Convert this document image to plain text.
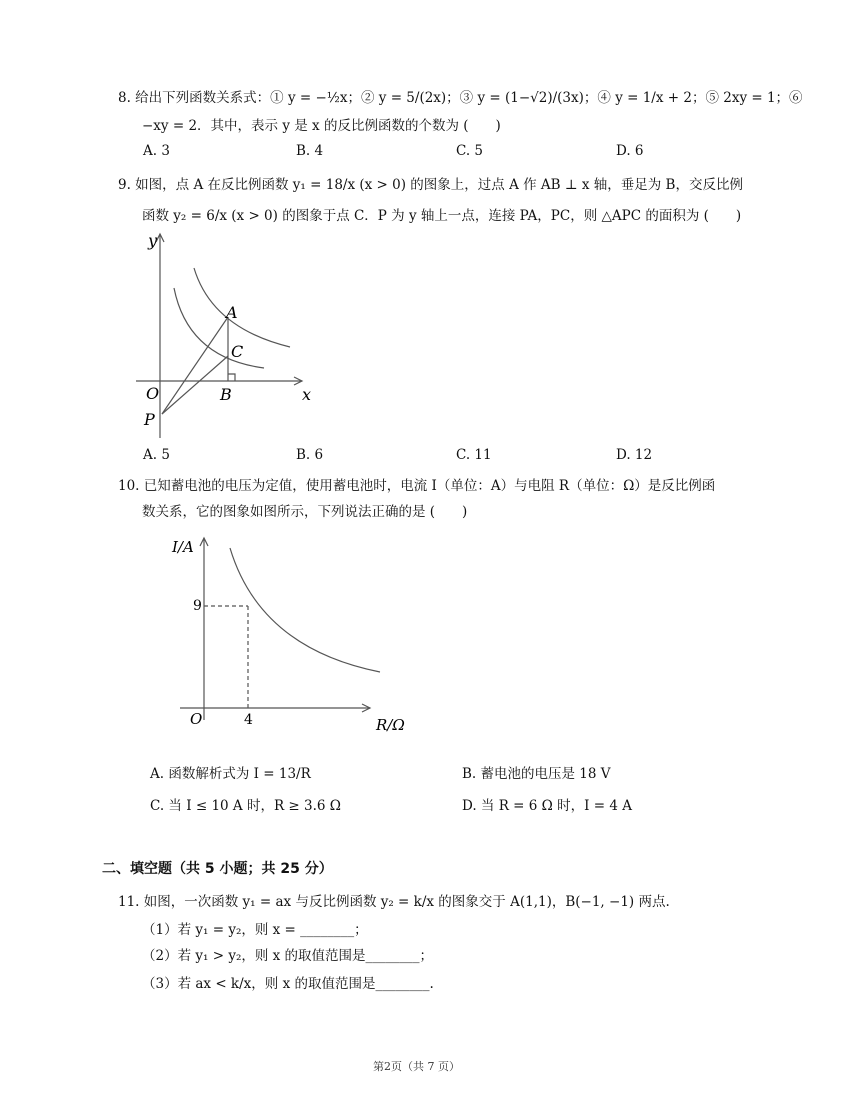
8. 给出下列函数关系式：① y = −½x；② y = 5/(2x)；③ y = (1−√2)/(3x)；④ y = 1/x + 2；⑤ 2xy = 1；⑥
−xy = 2．其中，表示 y 是 x 的反比例函数的个数为 (　　)
A. 3	B. 4	C. 5	D. 6
9. 如图，点 A 在反比例函数 y₁ = 18/x (x > 0) 的图象上，过点 A 作 AB ⊥ x 轴，垂足为 B，交反比例
函数 y₂ = 6/x (x > 0) 的图象于点 C．P 为 y 轴上一点，连接 PA，PC，则 △APC 的面积为 (　　)
y
x
O
A
C
B
P
A. 5	B. 6	C. 11	D. 12
10. 已知蓄电池的电压为定值，使用蓄电池时，电流 I（单位：A）与电阻 R（单位：Ω）是反比例函
数关系，它的图象如图所示，下列说法正确的是 (　　)
I/A
R/Ω
O
9
4
A. 函数解析式为 I = 13/R	B. 蓄电池的电压是 18 V
C. 当 I ≤ 10 A 时，R ≥ 3.6 Ω	D. 当 R = 6 Ω 时，I = 4 A
二、填空题（共 5 小题；共 25 分）
11. 如图，一次函数 y₁ = ax 与反比例函数 y₂ = k/x 的图象交于 A(1,1)，B(−1, −1) 两点.
（1）若 y₁ = y₂，则 x = ________；
（2）若 y₁ > y₂，则 x 的取值范围是________；
（3）若 ax < k/x，则 x 的取值范围是________.
第2页（共 7 页）
